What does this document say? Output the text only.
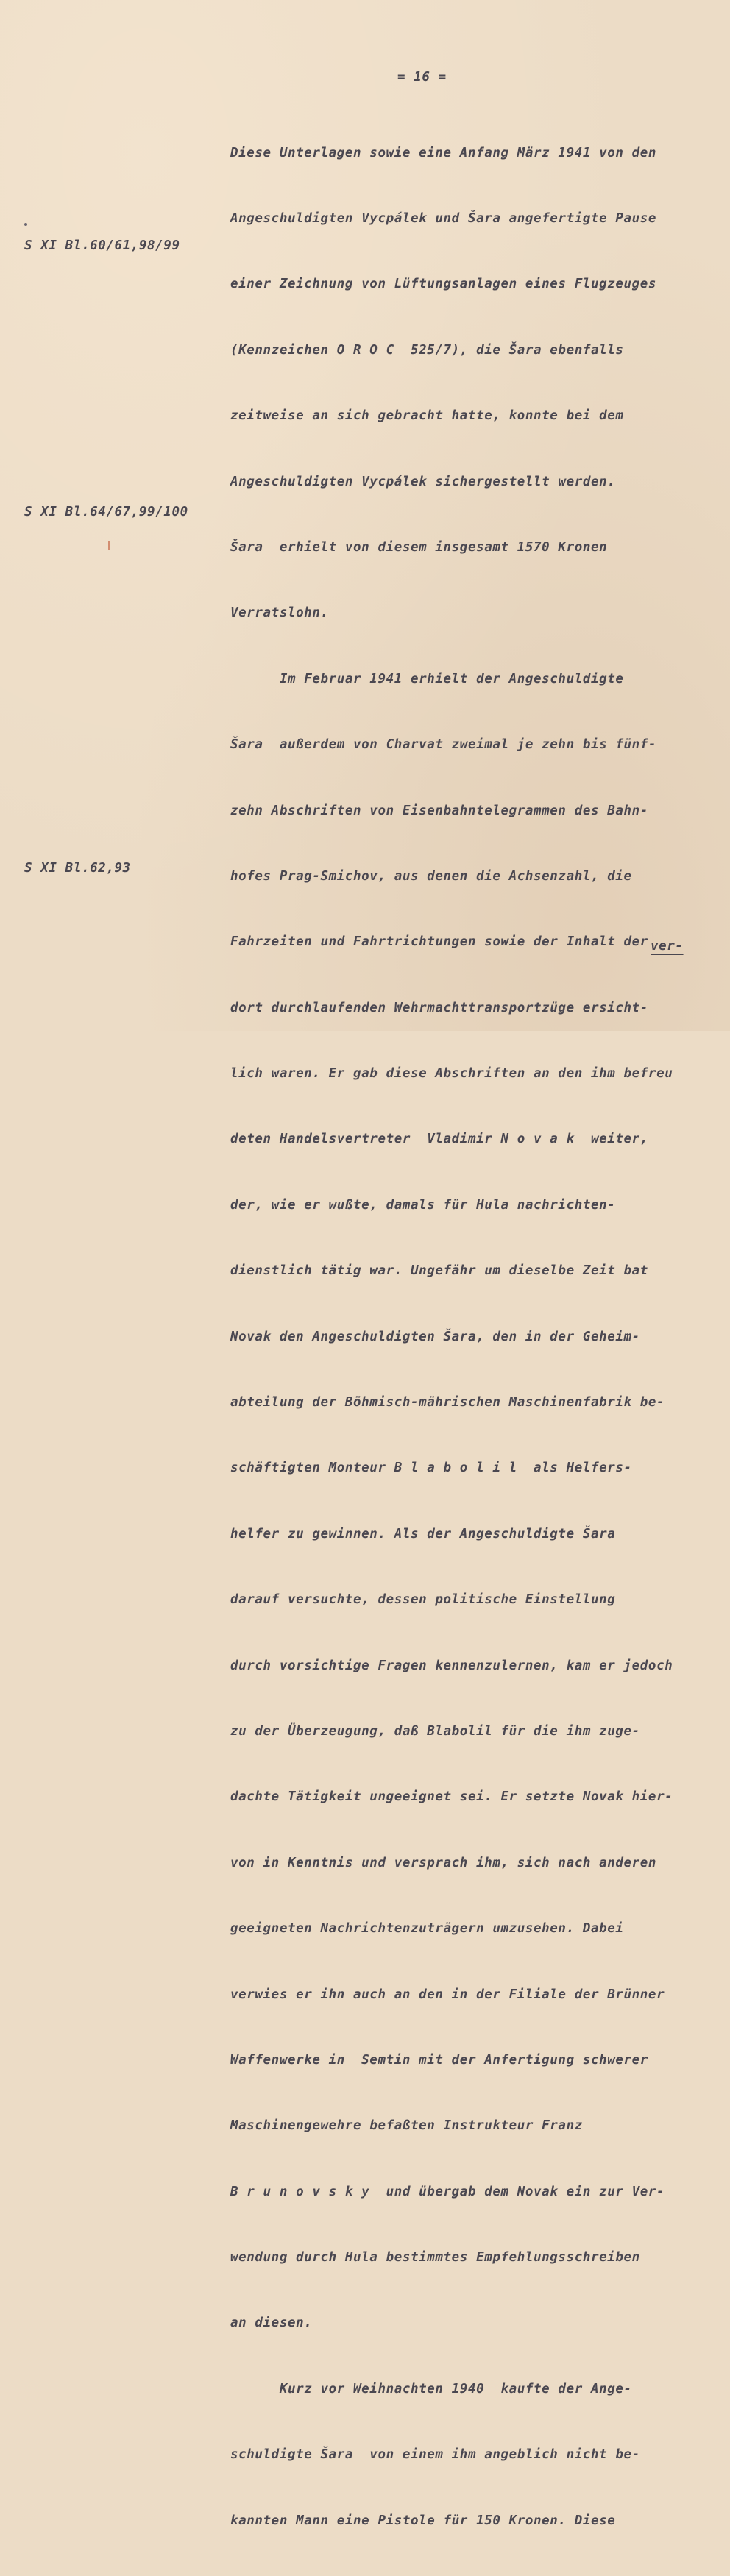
= 16 =
S XI Bl.60/61,98/99
S XI Bl.64/67,99/100
S XI Bl.62,93

Diese Unterlagen sowie eine Anfang März 1941 von den

Angeschuldigten Vycpálek und Šara angefertigte Pause

einer Zeichnung von Lüftungsanlagen eines Flugzeuges

(Kennzeichen O R O C  525/7), die Šara ebenfalls

zeitweise an sich gebracht hatte, konnte bei dem

Angeschuldigten Vycpálek sichergestellt werden.

Šara  erhielt von diesem insgesamt 1570 Kronen

Verratslohn.

Im Februar 1941 erhielt der Angeschuldigte

Šara  außerdem von Charvat zweimal je zehn bis fünf-

zehn Abschriften von Eisenbahntelegrammen des Bahn-

hofes Prag-Smichov, aus denen die Achsenzahl, die

Fahrzeiten und Fahrtrichtungen sowie der Inhalt der

dort durchlaufenden Wehrmachttransportzüge ersicht-

lich waren. Er gab diese Abschriften an den ihm befreu

deten Handelsvertreter  Vladimir N o v a k  weiter,

der, wie er wußte, damals für Hula nachrichten-

dienstlich tätig war. Ungefähr um dieselbe Zeit bat

Novak den Angeschuldigten Šara, den in der Geheim-

abteilung der Böhmisch-mährischen Maschinenfabrik be-

schäftigten Monteur B l a b o l i l  als Helfers-

helfer zu gewinnen. Als der Angeschuldigte Šara

darauf versuchte, dessen politische Einstellung

durch vorsichtige Fragen kennenzulernen, kam er jedoch

zu der Überzeugung, daß Blabolil für die ihm zuge-

dachte Tätigkeit ungeeignet sei. Er setzte Novak hier-

von in Kenntnis und versprach ihm, sich nach anderen

geeigneten Nachrichtenzuträgern umzusehen. Dabei

verwies er ihn auch an den in der Filiale der Brünner

Waffenwerke in  Semtin mit der Anfertigung schwerer

Maschinengewehre befaßten Instrukteur Franz

B r u n o v s k y  und übergab dem Novak ein zur Ver-

wendung durch Hula bestimmtes Empfehlungsschreiben

an diesen.

Kurz vor Weihnachten 1940  kaufte der Ange-

schuldigte Šara  von einem ihm angeblich nicht be-

kannten Mann eine Pistole für 150 Kronen. Diese

ver-
